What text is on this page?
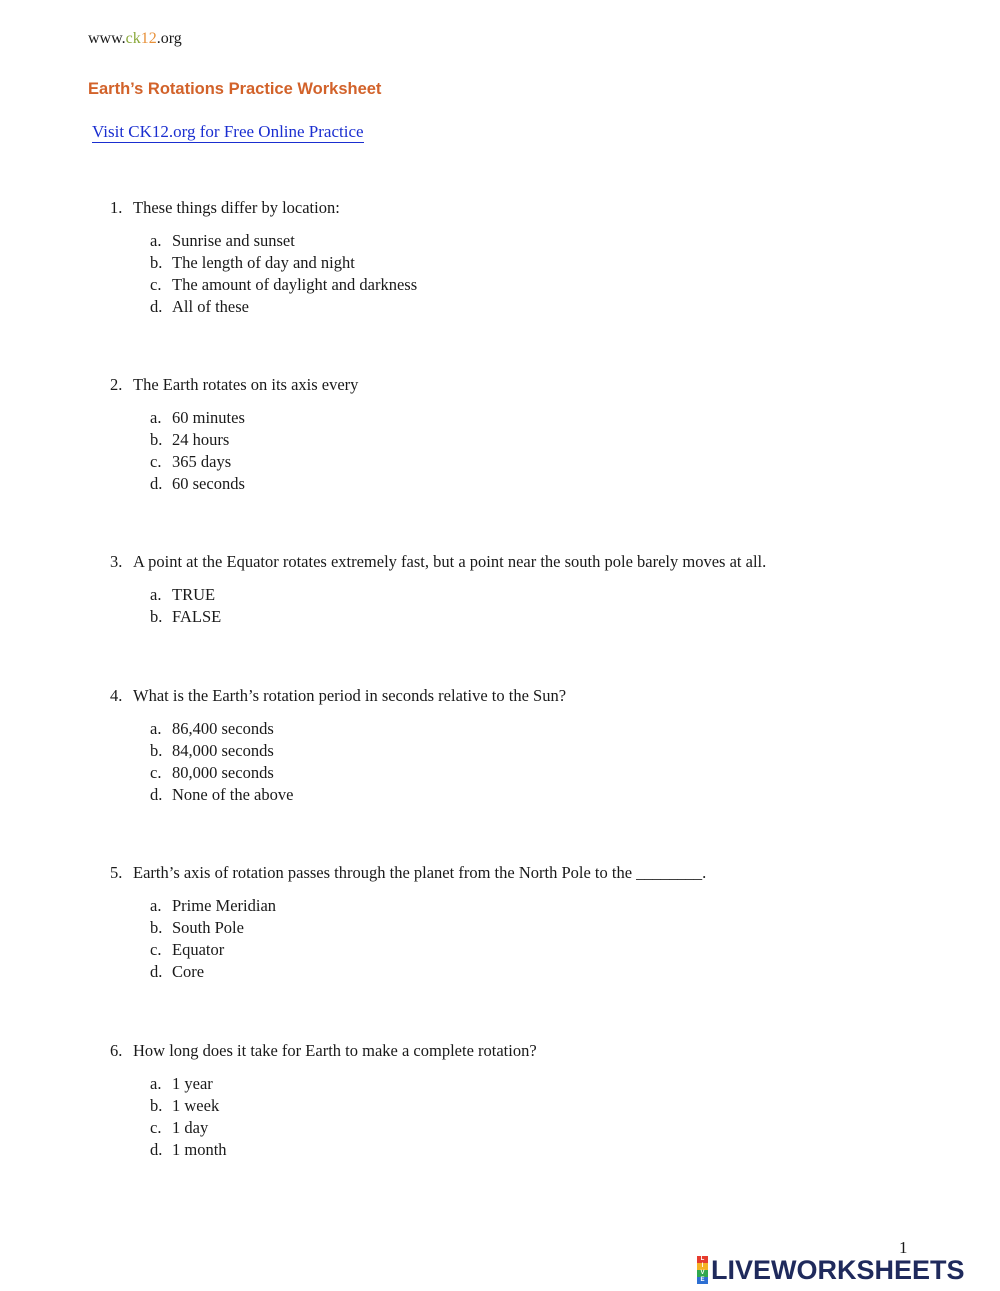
www.ck12.org
Earth’s Rotations Practice Worksheet
Visit CK12.org for Free Online Practice
1. These things differ by location:
a. Sunrise and sunset
b. The length of day and night
c. The amount of daylight and darkness
d. All of these
2. The Earth rotates on its axis every
a. 60 minutes
b. 24 hours
c. 365 days
d. 60 seconds
3. A point at the Equator rotates extremely fast, but a point near the south pole barely moves at all.
a. TRUE
b. FALSE
4. What is the Earth’s rotation period in seconds relative to the Sun?
a. 86,400 seconds
b. 84,000 seconds
c. 80,000 seconds
d. None of the above
5. Earth’s axis of rotation passes through the planet from the North Pole to the ________.
a. Prime Meridian
b. South Pole
c. Equator
d. Core
6. How long does it take for Earth to make a complete rotation?
a. 1 year
b. 1 week
c. 1 day
d. 1 month
1
L
I
V
E LIVEWORKSHEETS
